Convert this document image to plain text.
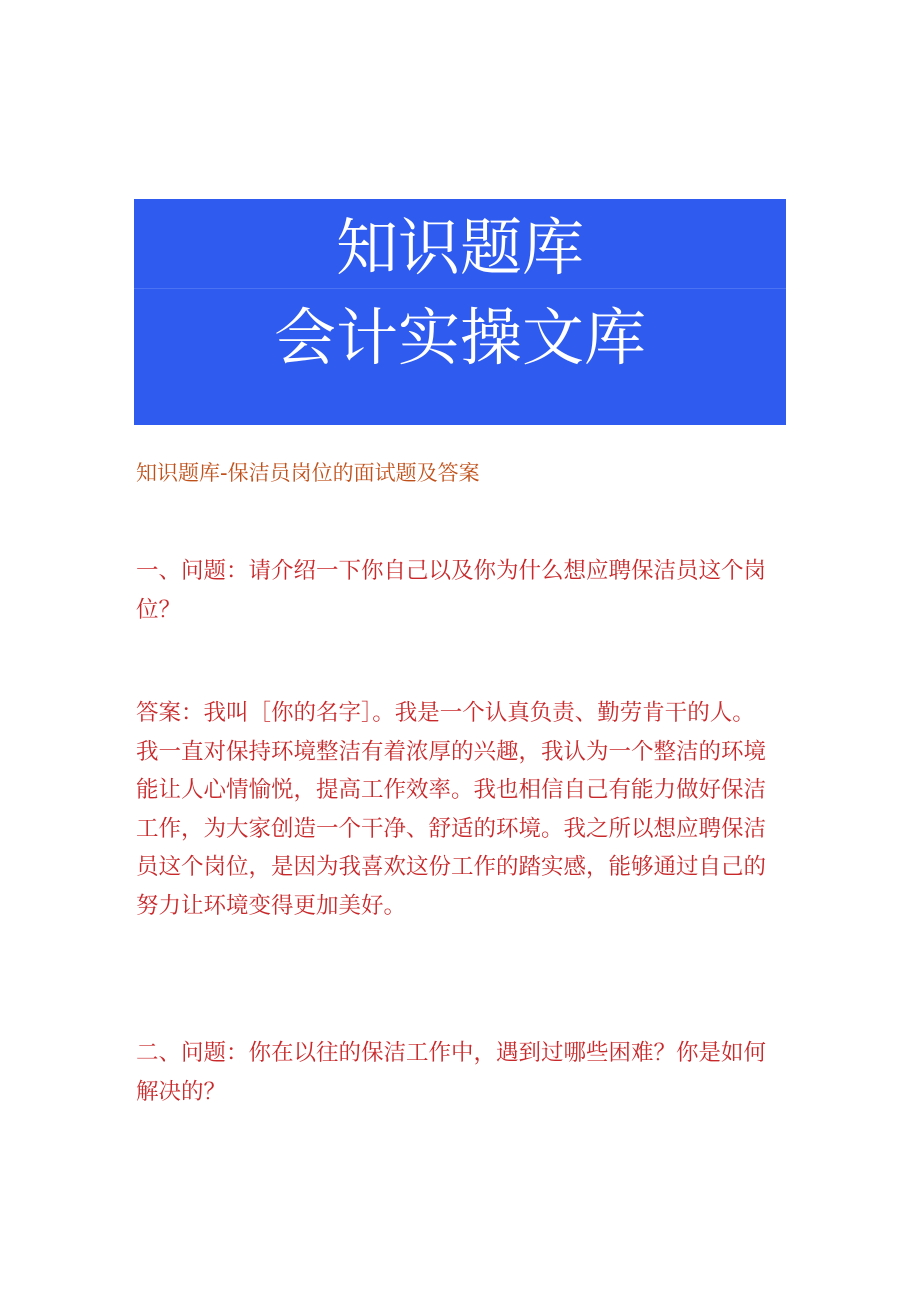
知识题库
会计实操文库
知识题库-保洁员岗位的面试题及答案
一、问题：请介绍一下你自己以及你为什么想应聘保洁员这个岗
位？
答案：我叫［你的名字］。我是一个认真负责、勤劳肯干的人。
我一直对保持环境整洁有着浓厚的兴趣，我认为一个整洁的环境
能让人心情愉悦，提高工作效率。我也相信自己有能力做好保洁
工作，为大家创造一个干净、舒适的环境。我之所以想应聘保洁
员这个岗位，是因为我喜欢这份工作的踏实感，能够通过自己的
努力让环境变得更加美好。
二、问题：你在以往的保洁工作中，遇到过哪些困难？你是如何
解决的？
